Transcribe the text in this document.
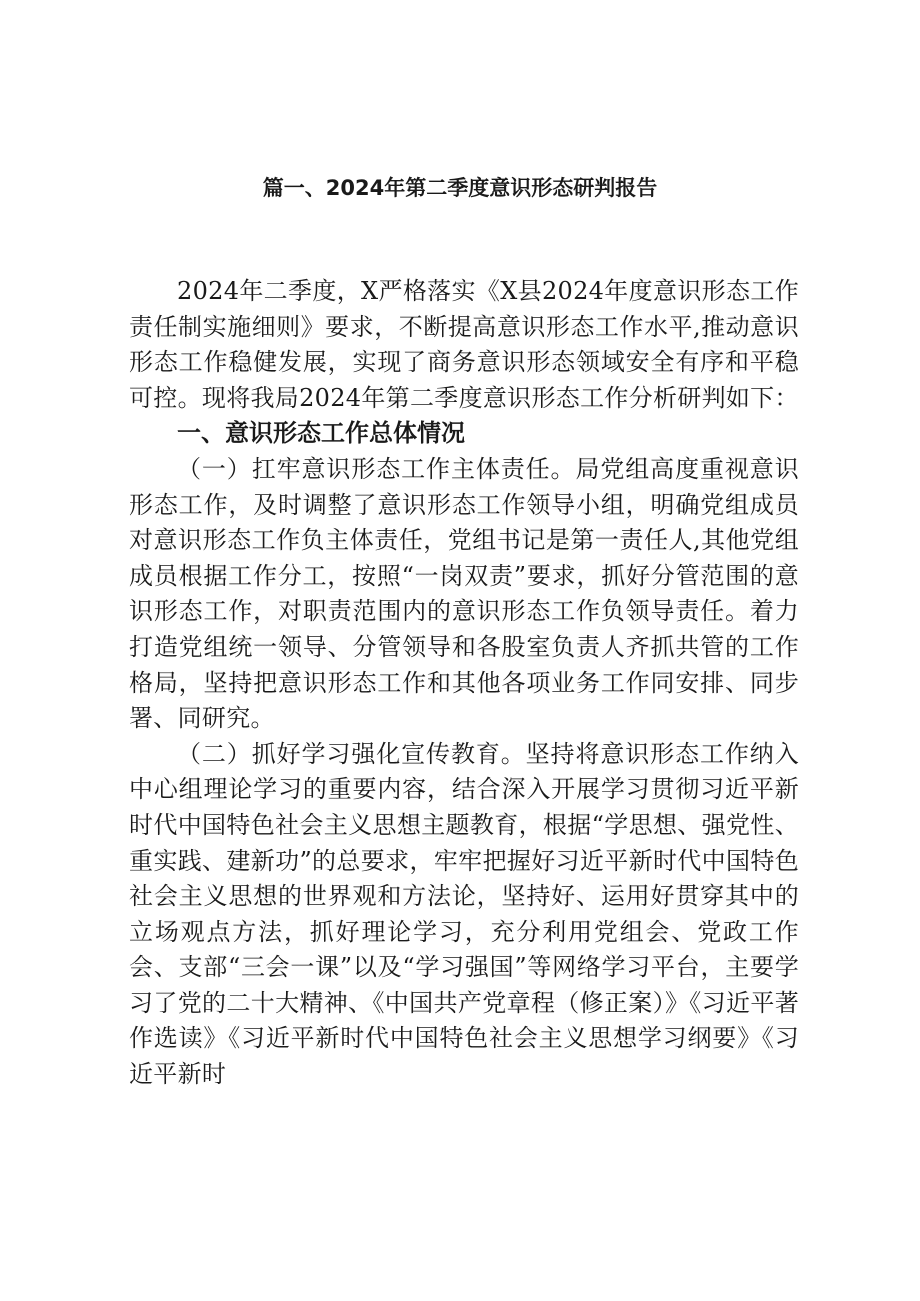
篇一、2024年第二季度意识形态研判报告

2024年二季度，X严格落实《X县2024年度意识形态工作责任制实施细则》要求，不断提高意识形态工作水平,推动意识形态工作稳健发展，实现了商务意识形态领域安全有序和平稳可控。现将我局2024年第二季度意识形态工作分析研判如下：

一、意识形态工作总体情况

（一）扛牢意识形态工作主体责任。局党组高度重视意识形态工作，及时调整了意识形态工作领导小组，明确党组成员对意识形态工作负主体责任，党组书记是第一责任人,其他党组成员根据工作分工，按照“一岗双责”要求，抓好分管范围的意识形态工作，对职责范围内的意识形态工作负领导责任。着力打造党组统一领导、分管领导和各股室负责人齐抓共管的工作格局，坚持把意识形态工作和其他各项业务工作同安排、同步署、同研究。

（二）抓好学习强化宣传教育。坚持将意识形态工作纳入中心组理论学习的重要内容，结合深入开展学习贯彻习近平新时代中国特色社会主义思想主题教育，根据“学思想、强党性、重实践、建新功”的总要求，牢牢把握好习近平新时代中国特色社会主义思想的世界观和方法论，坚持好、运用好贯穿其中的立场观点方法，抓好理论学习，充分利用党组会、党政工作会、支部“三会一课”以及“学习强国”等网络学习平台，主要学习了党的二十大精神、《中国共产党章程（修正案）》《习近平著作选读》《习近平新时代中国特色社会主义思想学习纲要》《习近平新时
